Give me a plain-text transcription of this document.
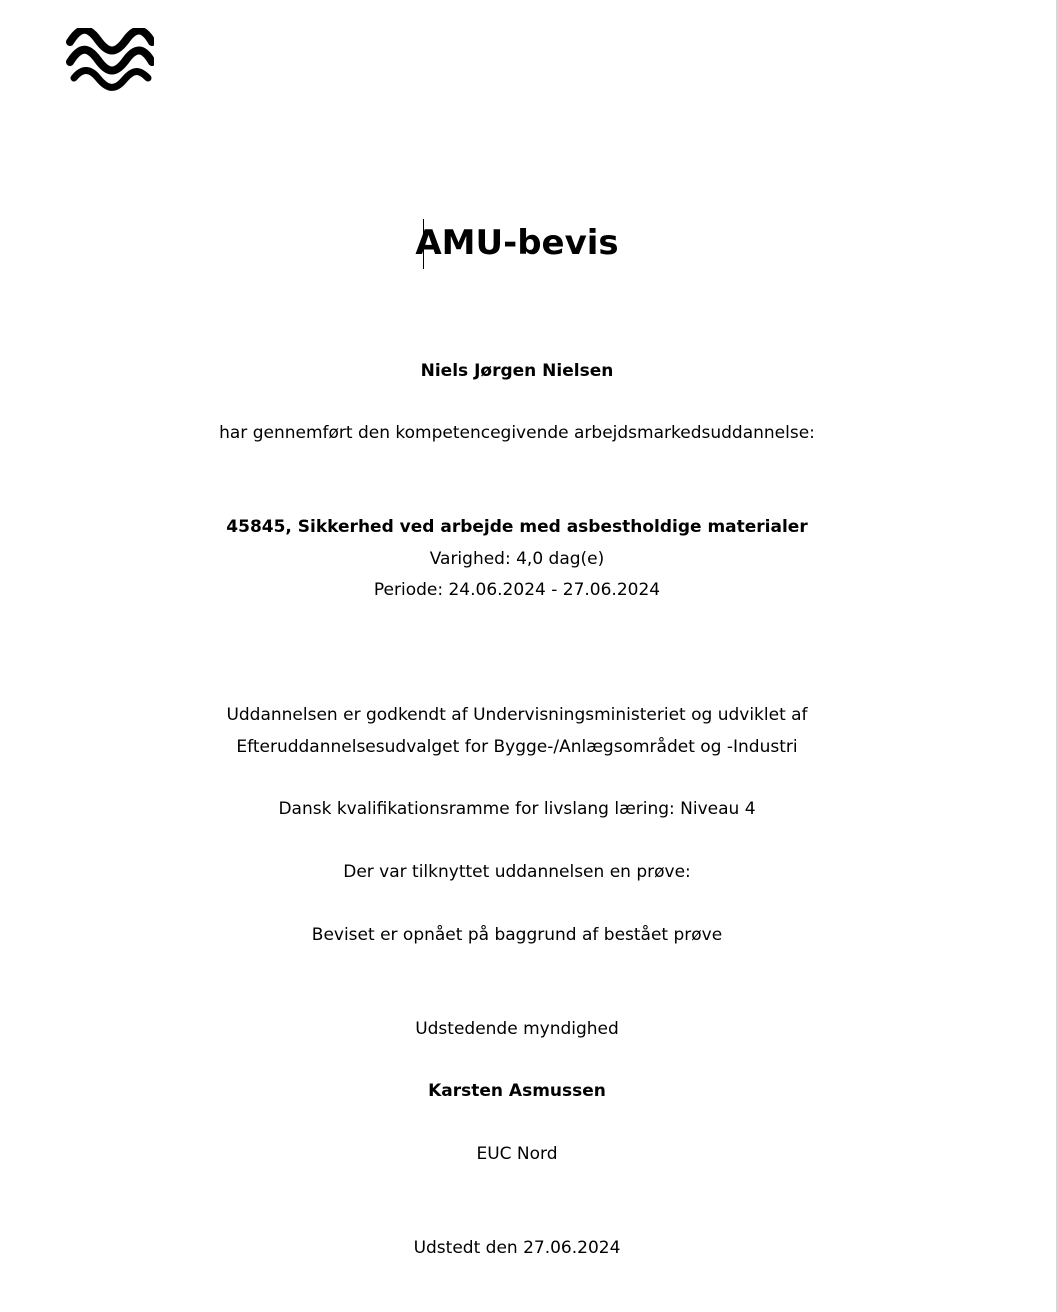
AMU-bevis
Niels Jørgen Nielsen
har gennemført den kompetencegivende arbejdsmarkedsuddannelse:
45845, Sikkerhed ved arbejde med asbestholdige materialer
Varighed: 4,0 dag(e)
Periode: 24.06.2024 - 27.06.2024
Uddannelsen er godkendt af Undervisningsministeriet og udviklet af
Efteruddannelsesudvalget for Bygge-/Anlægsområdet og -Industri
Dansk kvalifikationsramme for livslang læring: Niveau 4
Der var tilknyttet uddannelsen en prøve:
Beviset er opnået på baggrund af bestået prøve
Udstedende myndighed
Karsten Asmussen
EUC Nord
Udstedt den 27.06.2024
